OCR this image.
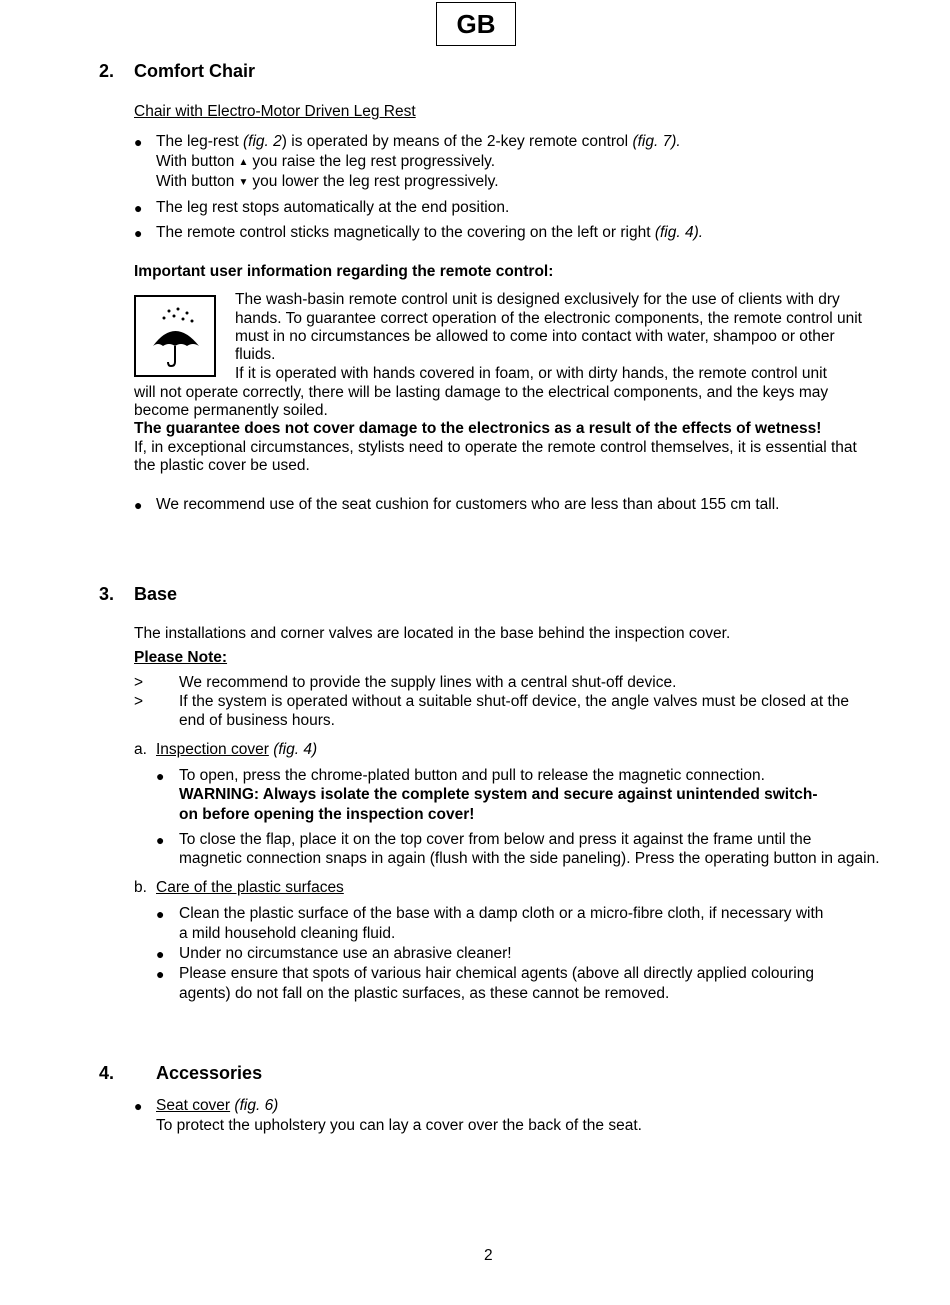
GB
2. Comfort Chair
Chair with Electro-Motor Driven Leg Rest
● The leg-rest (fig. 2) is operated by means of the 2-key remote control (fig. 7).
With button ▲ you raise the leg rest progressively.
With button ▼ you lower the leg rest progressively.
● The leg rest stops automatically at the end position.
● The remote control sticks magnetically to the covering on the left or right (fig. 4).
Important user information regarding the remote control:
The wash-basin remote control unit is designed exclusively for the use of clients with dry
hands. To guarantee correct operation of the electronic components, the remote control unit
must in no circumstances be allowed to come into contact with water, shampoo or other
fluids.
If it is operated with hands covered in foam, or with dirty hands, the remote control unit
will not operate correctly, there will be lasting damage to the electrical components, and the keys may
become permanently soiled.
The guarantee does not cover damage to the electronics as a result of the effects of wetness!
If, in exceptional circumstances, stylists need to operate the remote control themselves, it is essential that
the plastic cover be used.
● We recommend use of the seat cushion for customers who are less than about 155 cm tall.
3. Base
The installations and corner valves are located in the base behind the inspection cover.
Please Note:
> We recommend to provide the supply lines with a central shut-off device.
> If the system is operated without a suitable shut-off device, the angle valves must be closed at the
end of business hours.
a. Inspection cover (fig. 4)
● To open, press the chrome-plated button and pull to release the magnetic connection.
WARNING: Always isolate the complete system and secure against unintended switch-
on before opening the inspection cover!
● To close the flap, place it on the top cover from below and press it against the frame until the
magnetic connection snaps in again (flush with the side paneling). Press the operating button in again.
b. Care of the plastic surfaces
● Clean the plastic surface of the base with a damp cloth or a micro-fibre cloth, if necessary with
a mild household cleaning fluid.
● Under no circumstance use an abrasive cleaner!
● Please ensure that spots of various hair chemical agents (above all directly applied colouring
agents) do not fall on the plastic surfaces, as these cannot be removed.
4. Accessories
● Seat cover (fig. 6)
To protect the upholstery you can lay a cover over the back of the seat.
2
